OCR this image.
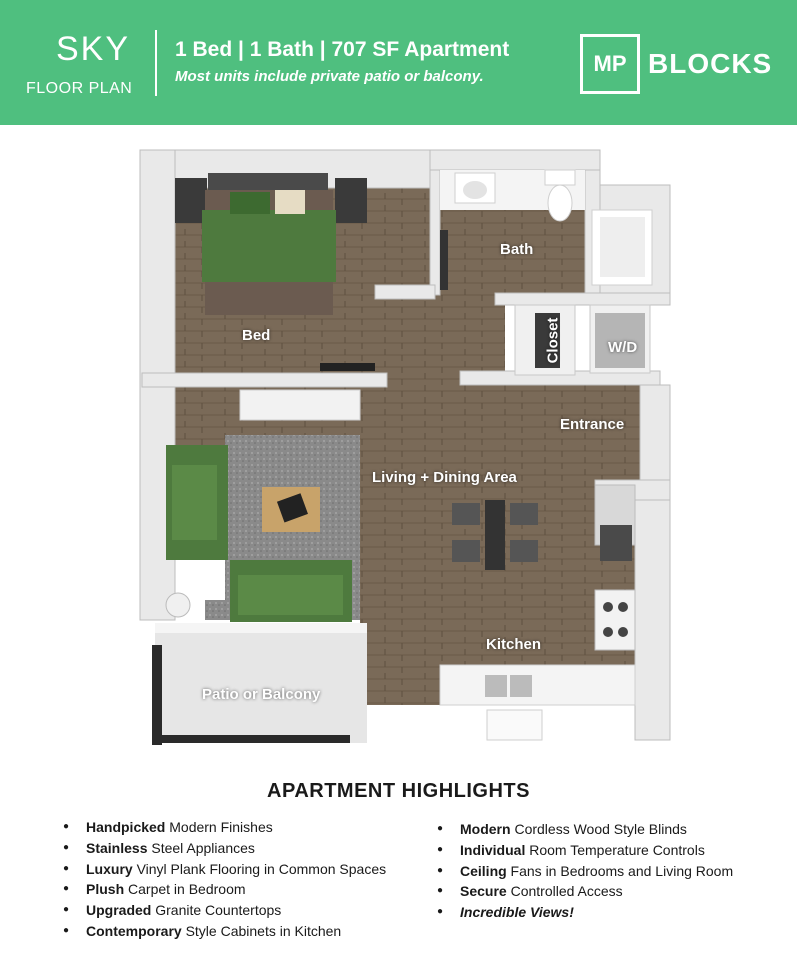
SKY
FLOOR PLAN
1 Bed | 1 Bath | 707 SF Apartment
Most units include private patio or balcony.
MP BLOCKS
Bed
Bath
Closet	W/D
Entrance
Living + Dining Area
Kitchen
Patio or Balcony
APARTMENT HIGHLIGHTS
● Handpicked Modern Finishes
● Stainless Steel Appliances
● Luxury Vinyl Plank Flooring in Common Spaces
● Plush Carpet in Bedroom
● Upgraded Granite Countertops
● Contemporary Style Cabinets in Kitchen
● Modern Cordless Wood Style Blinds
● Individual Room Temperature Controls
● Ceiling Fans in Bedrooms and Living Room
● Secure Controlled Access
● Incredible Views!
